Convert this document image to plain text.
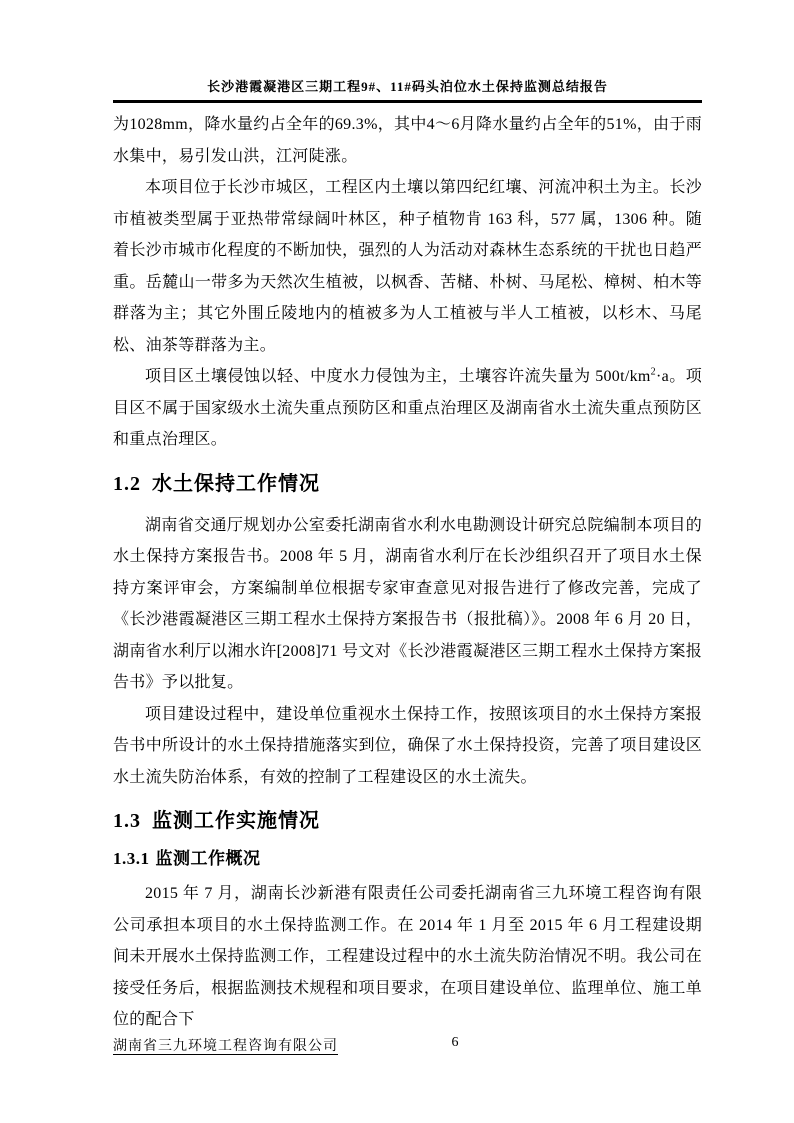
长沙港霞凝港区三期工程9#、11#码头泊位水土保持监测总结报告

为1028mm，降水量约占全年的69.3%，其中4～6月降水量约占全年的51%，由于雨水集中，易引发山洪，江河陡涨。

本项目位于长沙市城区，工程区内土壤以第四纪红壤、河流冲积土为主。长沙市植被类型属于亚热带常绿阔叶林区，种子植物肯 163 科，577 属，1306 种。随着长沙市城市化程度的不断加快，强烈的人为活动对森林生态系统的干扰也日趋严重。岳麓山一带多为天然次生植被，以枫香、苦槠、朴树、马尾松、樟树、柏木等群落为主；其它外围丘陵地内的植被多为人工植被与半人工植被，以杉木、马尾松、油茶等群落为主。

项目区土壤侵蚀以轻、中度水力侵蚀为主，土壤容许流失量为 $500t/km^2\cdot a$。项目区不属于国家级水土流失重点预防区和重点治理区及湖南省水土流失重点预防区和重点治理区。

1.2 水土保持工作情况

湖南省交通厅规划办公室委托湖南省水利水电勘测设计研究总院编制本项目的水土保持方案报告书。2008 年 5 月，湖南省水利厅在长沙组织召开了项目水土保持方案评审会，方案编制单位根据专家审查意见对报告进行了修改完善，完成了《长沙港霞凝港区三期工程水土保持方案报告书（报批稿）》。2008 年 6 月 20 日，湖南省水利厅以湘水许[2008]71 号文对《长沙港霞凝港区三期工程水土保持方案报告书》予以批复。

项目建设过程中，建设单位重视水土保持工作，按照该项目的水土保持方案报告书中所设计的水土保持措施落实到位，确保了水土保持投资，完善了项目建设区水土流失防治体系，有效的控制了工程建设区的水土流失。

1.3 监测工作实施情况
1.3.1 监测工作概况

2015 年 7 月，湖南长沙新港有限责任公司委托湖南省三九环境工程咨询有限公司承担本项目的水土保持监测工作。在 2014 年 1 月至 2015 年 6 月工程建设期间未开展水土保持监测工作，工程建设过程中的水土流失防治情况不明。我公司在接受任务后，根据监测技术规程和项目要求，在项目建设单位、监理单位、施工单位的配合下

湖南省三九环境工程咨询有限公司	6
